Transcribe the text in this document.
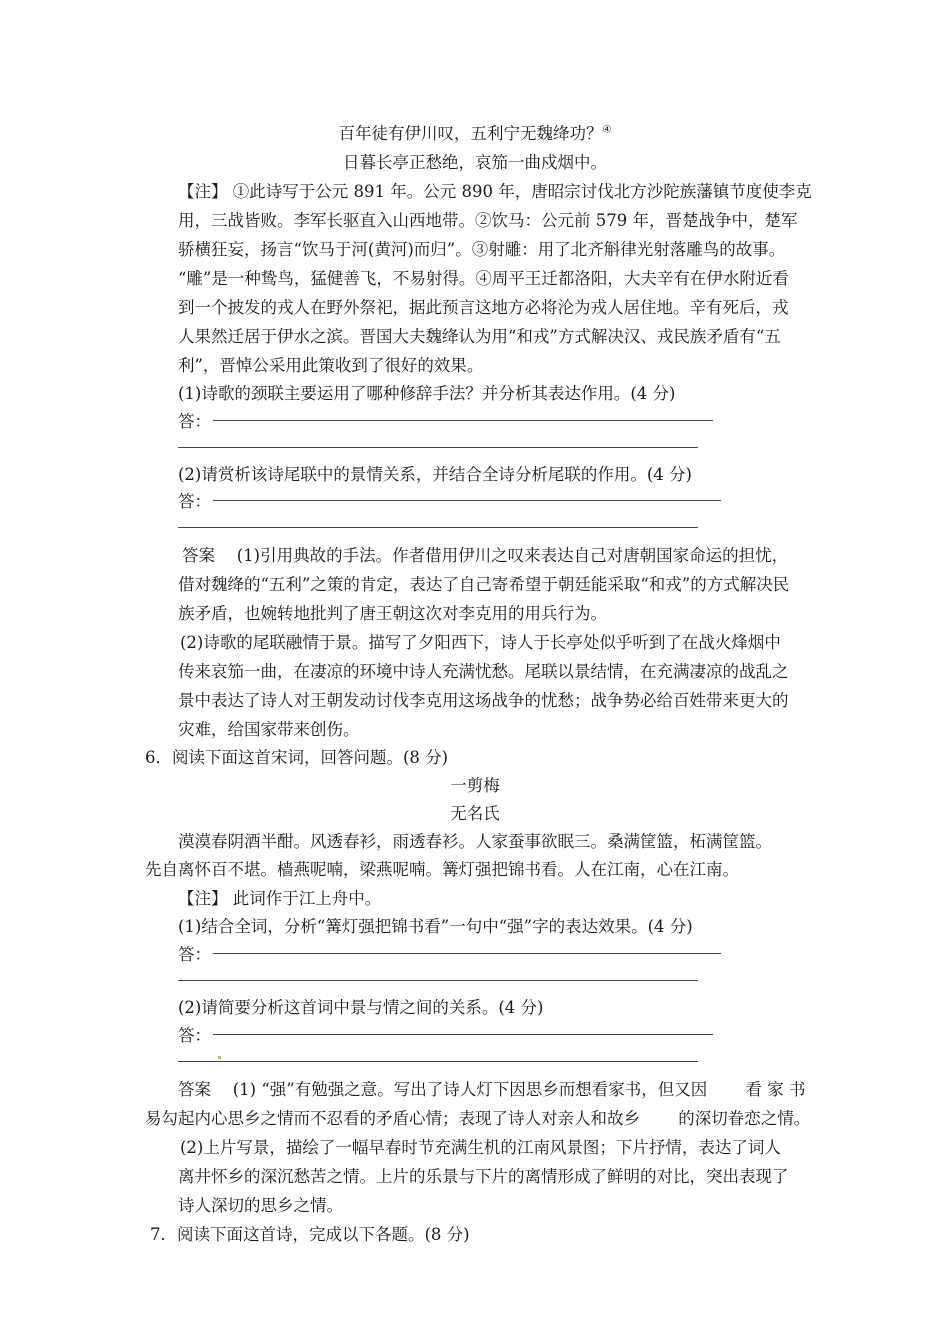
百年徒有伊川叹，五利宁无魏绛功？④
日暮长亭正愁绝，哀笳一曲戍烟中。
【注】 ①此诗写于公元 891 年。公元 890 年，唐昭宗讨伐北方沙陀族藩镇节度使李克
用，三战皆败。李军长驱直入山西地带。②饮马：公元前 579 年，晋楚战争中，楚军
骄横狂妄，扬言“饮马于河(黄河)而归”。③射雕：用了北齐斛律光射落雕鸟的故事。
“雕”是一种鸷鸟，猛健善飞，不易射得。④周平王迁都洛阳，大夫辛有在伊水附近看
到一个披发的戎人在野外祭祀，据此预言这地方必将沦为戎人居住地。辛有死后，戎
人果然迁居于伊水之滨。晋国大夫魏绛认为用“和戎”方式解决汉、戎民族矛盾有“五
利”，晋悼公采用此策收到了很好的效果。
(1)诗歌的颈联主要运用了哪种修辞手法？并分析其表达作用。(4 分)
答：
(2)请赏析该诗尾联中的景情关系，并结合全诗分析尾联的作用。(4 分)
答：
答案 　(1)引用典故的手法。作者借用伊川之叹来表达自己对唐朝国家命运的担忧，
借对魏绛的“五利”之策的肯定，表达了自己寄希望于朝廷能采取“和戎”的方式解决民
族矛盾，也婉转地批判了唐王朝这次对李克用的用兵行为。
(2)诗歌的尾联融情于景。描写了夕阳西下，诗人于长亭处似乎听到了在战火烽烟中
传来哀笳一曲，在凄凉的环境中诗人充满忧愁。尾联以景结情，在充满凄凉的战乱之
景中表达了诗人对王朝发动讨伐李克用这场战争的忧愁；战争势必给百姓带来更大的
灾难，给国家带来创伤。
6．阅读下面这首宋词，回答问题。(8 分)
一剪梅
无名氏
漠漠春阴酒半酣。风透春衫，雨透春衫。人家蚕事欲眠三。桑满筐篮，柘满筐篮。
先自离怀百不堪。樯燕呢喃，梁燕呢喃。篝灯强把锦书看。人在江南，心在江南。
【注】 此词作于江上舟中。
(1)结合全词，分析“篝灯强把锦书看”一句中“强”字的表达效果。(4 分)
答：
(2)请简要分析这首词中景与情之间的关系。(4 分)
答：
答案 　(1) “强”有勉强之意。写出了诗人灯下因思乡而想看家书，但又因 　　看 家 书
易勾起内心思乡之情而不忍看的矛盾心情；表现了诗人对亲人和故乡 　　的深切眷恋之情。
(2)上片写景，描绘了一幅早春时节充满生机的江南风景图；下片抒情，表达了词人
离井怀乡的深沉愁苦之情。上片的乐景与下片的离情形成了鲜明的对比，突出表现了
诗人深切的思乡之情。
7．阅读下面这首诗，完成以下各题。(8 分)
